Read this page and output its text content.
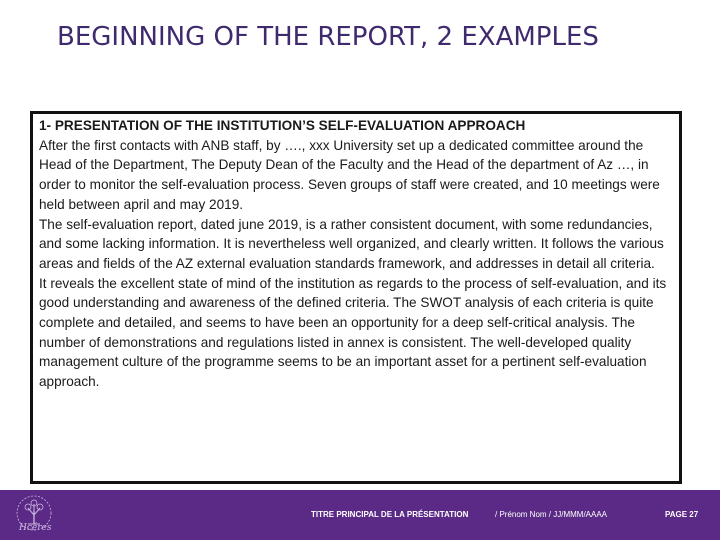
BEGINNING OF THE REPORT, 2 EXAMPLES

1- PRESENTATION OF THE INSTITUTION’S SELF-EVALUATION APPROACH

After the first contacts with ANB staff, by …., xxx University set up a dedicated committee around the Head of the Department, The Deputy Dean of the Faculty and the Head of the department of Az …, in order to monitor the self-evaluation process. Seven groups of staff were created, and 10 meetings were held between april and may 2019.

The self-evaluation report, dated june 2019, is a rather consistent document, with some redundancies, and some lacking information. It is nevertheless well organized, and clearly written. It follows the various areas and fields of the AZ external evaluation standards framework, and addresses in detail all criteria.

It reveals the excellent state of mind of the institution as regards to the process of self-evaluation, and its good understanding and awareness of the defined criteria. The SWOT analysis of each criteria is quite complete and detailed, and seems to have been an opportunity for a deep self-critical analysis. The number of demonstrations and regulations listed in annex is consistent. The well-developed quality management culture of the programme seems to be an important asset for a pertinent self-evaluation approach.

Hcéres
TITRE PRINCIPAL DE LA PRÉSENTATION	/ Prénom Nom / JJ/MMM/AAAA	PAGE 27
